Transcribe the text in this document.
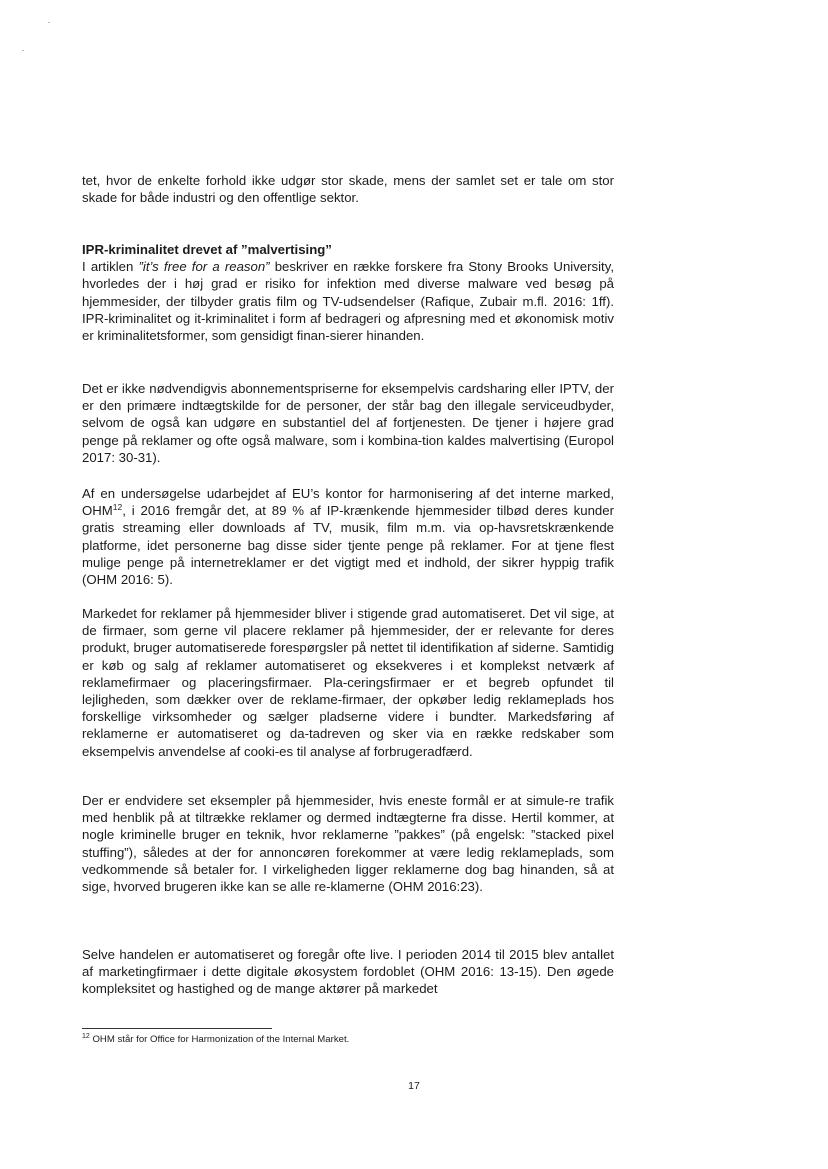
tet, hvor de enkelte forhold ikke udgør stor skade, mens der samlet set er tale om stor skade for både industri og den offentlige sektor.

IPR-kriminalitet drevet af ”malvertising”
I artiklen ”it’s free for a reason” beskriver en række forskere fra Stony Brooks University, hvorledes der i høj grad er risiko for infektion med diverse malware ved besøg på hjemmesider, der tilbyder gratis film og TV-udsendelser (Rafique, Zubair m.fl. 2016: 1ff). IPR-kriminalitet og it-kriminalitet i form af bedrageri og afpresning med et økonomisk motiv er kriminalitetsformer, som gensidigt finan-sierer hinanden.

Det er ikke nødvendigvis abonnementspriserne for eksempelvis cardsharing eller IPTV, der er den primære indtægtskilde for de personer, der står bag den illegale serviceudbyder, selvom de også kan udgøre en substantiel del af fortjenesten. De tjener i højere grad penge på reklamer og ofte også malware, som i kombina-tion kaldes malvertising (Europol 2017: 30-31).

Af en undersøgelse udarbejdet af EU’s kontor for harmonisering af det interne marked, OHM$^{12}$, i 2016 fremgår det, at 89 % af IP-krænkende hjemmesider tilbød deres kunder gratis streaming eller downloads af TV, musik, film m.m. via op-havsretskrænkende platforme, idet personerne bag disse sider tjente penge på reklamer. For at tjene flest mulige penge på internetreklamer er det vigtigt med et indhold, der sikrer hyppig trafik (OHM 2016: 5).

Markedet for reklamer på hjemmesider bliver i stigende grad automatiseret. Det vil sige, at de firmaer, som gerne vil placere reklamer på hjemmesider, der er relevante for deres produkt, bruger automatiserede forespørgsler på nettet til identifikation af siderne. Samtidig er køb og salg af reklamer automatiseret og eksekveres i et komplekst netværk af reklamefirmaer og placeringsfirmaer. Pla-ceringsfirmaer er et begreb opfundet til lejligheden, som dækker over de reklame-firmaer, der opkøber ledig reklameplads hos forskellige virksomheder og sælger pladserne videre i bundter. Markedsføring af reklamerne er automatiseret og da-tadreven og sker via en række redskaber som eksempelvis anvendelse af cooki-es til analyse af forbrugeradfærd.

Der er endvidere set eksempler på hjemmesider, hvis eneste formål er at simule-re trafik med henblik på at tiltrække reklamer og dermed indtægterne fra disse. Hertil kommer, at nogle kriminelle bruger en teknik, hvor reklamerne ”pakkes” (på engelsk: ”stacked pixel stuffing”), således at der for annoncøren forekommer at være ledig reklameplads, som vedkommende så betaler for. I virkeligheden ligger reklamerne dog bag hinanden, så at sige, hvorved brugeren ikke kan se alle re-klamerne (OHM 2016:23).

Selve handelen er automatiseret og foregår ofte live. I perioden 2014 til 2015 blev antallet af marketingfirmaer i dette digitale økosystem fordoblet (OHM 2016: 13-15). Den øgede kompleksitet og hastighed og de mange aktører på markedet

$^{12}$ OHM står for Office for Harmonization of the Internal Market.

17
